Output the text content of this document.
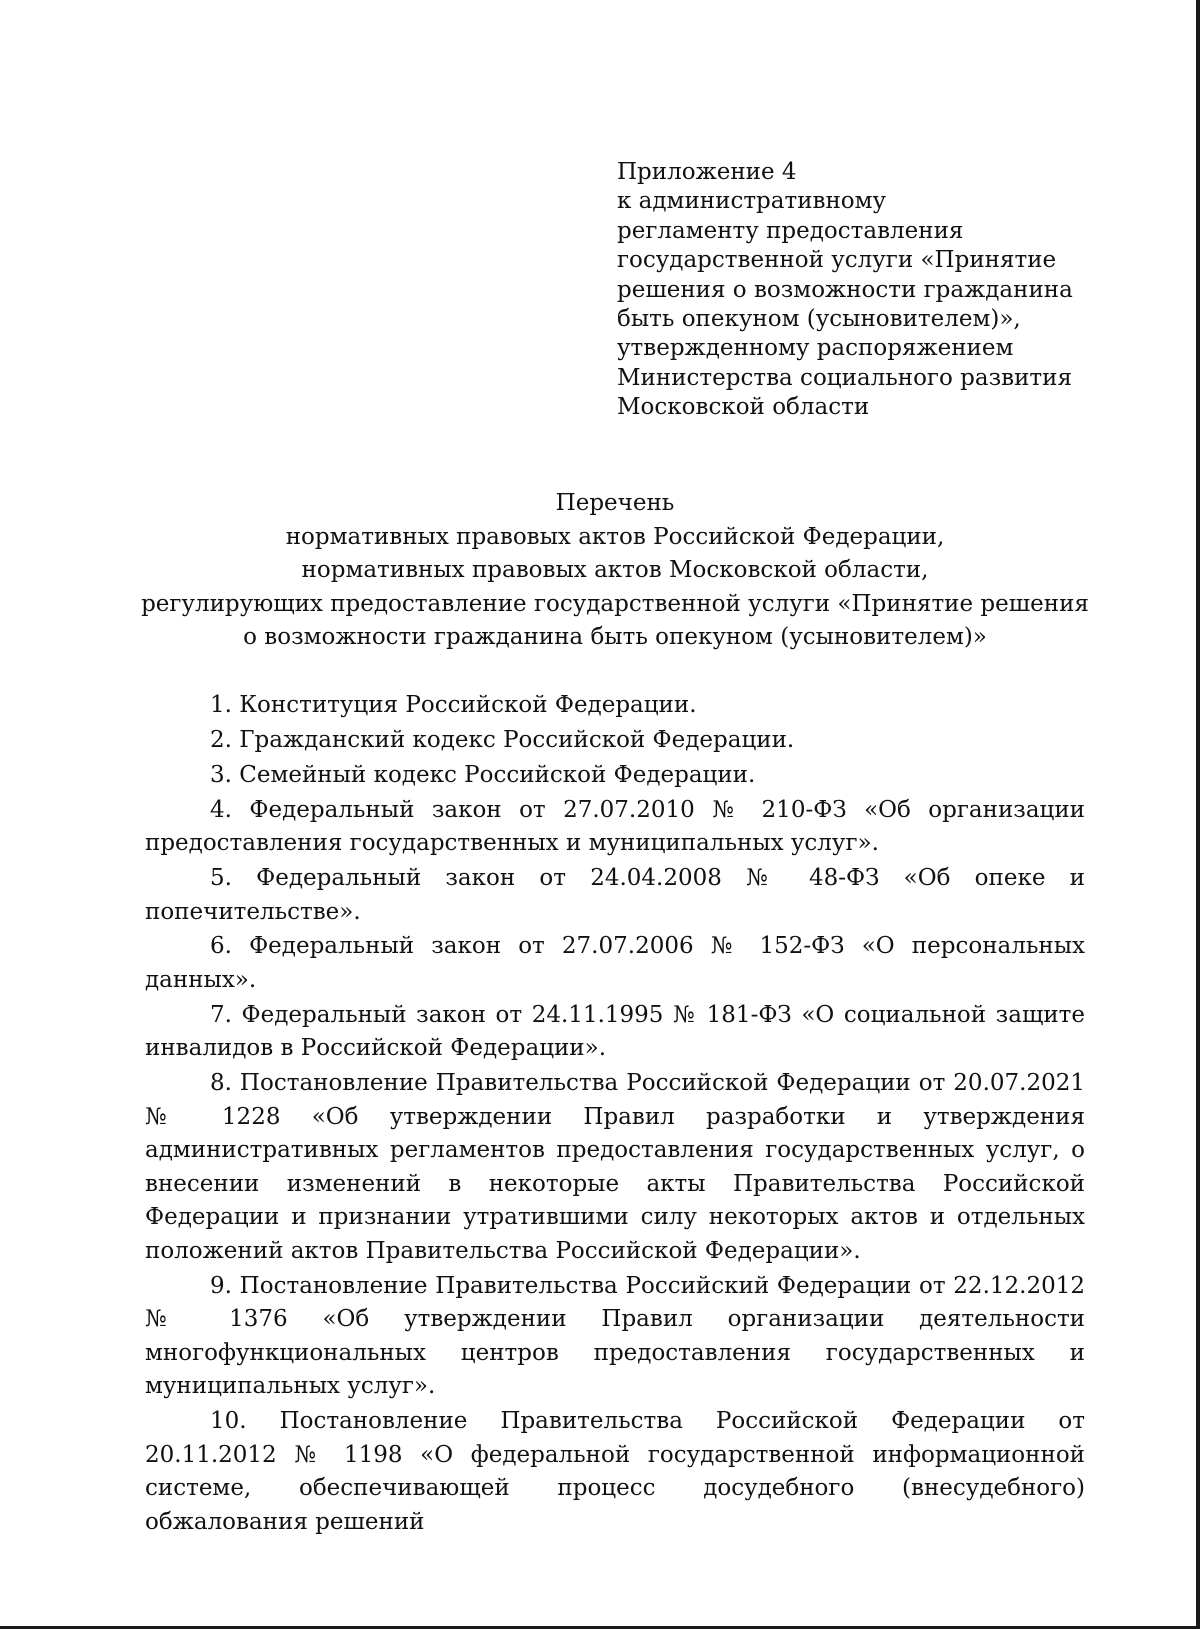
Приложение 4
к административному
регламенту предоставления
государственной услуги «Принятие
решения о возможности гражданина
быть опекуном (усыновителем)»,
утвержденному распоряжением
Министерства социального развития
Московской области
Перечень
нормативных правовых актов Российской Федерации,
нормативных правовых актов Московской области,
регулирующих предоставление государственной услуги «Принятие решения
о возможности гражданина быть опекуном (усыновителем)»

1. Конституция Российской Федерации.

2. Гражданский кодекс Российской Федерации.

3. Семейный кодекс Российской Федерации.

4. Федеральный закон от 27.07.2010 № 210-ФЗ «Об организации предоставления государственных и муниципальных услуг».

5. Федеральный закон от 24.04.2008 № 48-ФЗ «Об опеке и попечительстве».

6. Федеральный закон от 27.07.2006 № 152-ФЗ «О персональных данных».

7. Федеральный закон от 24.11.1995 № 181-ФЗ «О социальной защите инвалидов в Российской Федерации».

8. Постановление Правительства Российской Федерации от 20.07.2021 № 1228 «Об утверждении Правил разработки и утверждения административных регламентов предоставления государственных услуг, о внесении изменений в некоторые акты Правительства Российской Федерации и признании утратившими силу некоторых актов и отдельных положений актов Правительства Российской Федерации».

9. Постановление Правительства Российский Федерации от 22.12.2012 № 1376 «Об утверждении Правил организации деятельности многофункциональных центров предоставления государственных и муниципальных услуг».

10. Постановление Правительства Российской Федерации от 20.11.2012 № 1198 «О федеральной государственной информационной системе, обеспечивающей процесс досудебного (внесудебного) обжалования решений
